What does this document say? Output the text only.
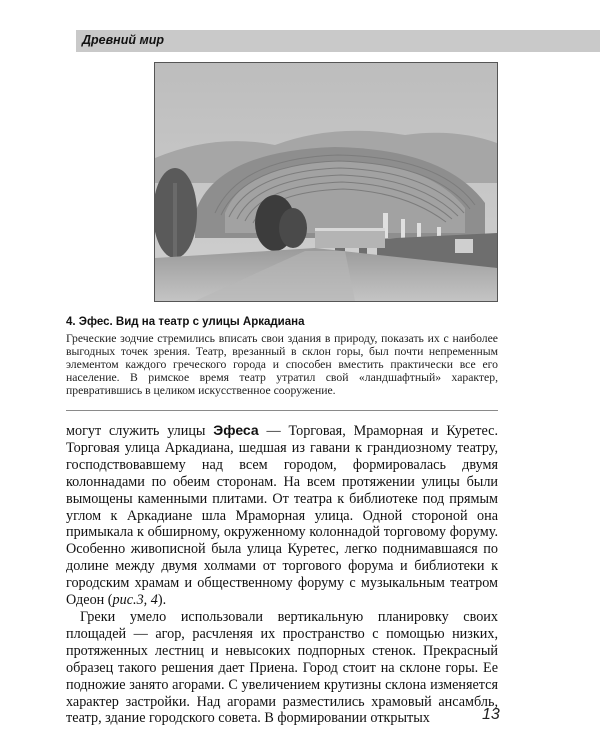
Древний мир
4. Эфес. Вид на театр с улицы Аркадиана
Греческие зодчие стремились вписать свои здания в природу, показать их с наиболее выгодных точек зрения. Театр, врезанный в склон горы, был почти непременным элементом каждого греческого города и способен вместить практически все его население. В римское время театр утратил свой «ландшафтный» характер, превратившись в целиком искусственное сооружение.

могут служить улицы Эфеса — Торговая, Мраморная и Куретес. Торговая улица Аркадиана, шедшая из гавани к грандиозному театру, господствовавшему над всем городом, формировалась двумя колоннадами по обеим сторонам. На всем протяжении улицы были вымощены каменными плитами. От театра к библиотеке под прямым углом к Аркадиане шла Мраморная улица. Одной стороной она примыкала к обширному, окруженному колоннадой торговому форуму. Особенно живописной была улица Куретес, легко поднимавшаяся по долине между двумя холмами от торгового форума и библиотеки к городским храмам и общественному форуму с музыкальным театром Одеон (рис.3, 4).

Греки умело использовали вертикальную планировку своих площадей — агор, расчленяя их пространство с помощью низких, протяженных лестниц и невысоких подпорных стенок. Прекрасный образец такого решения дает Приена. Город стоит на склоне горы. Ее подножие занято агорами. С увеличением крутизны склона изменяется характер застройки. Над агорами разместились храмовый ансамбль, театр, здание городского совета. В формировании открытых	13
